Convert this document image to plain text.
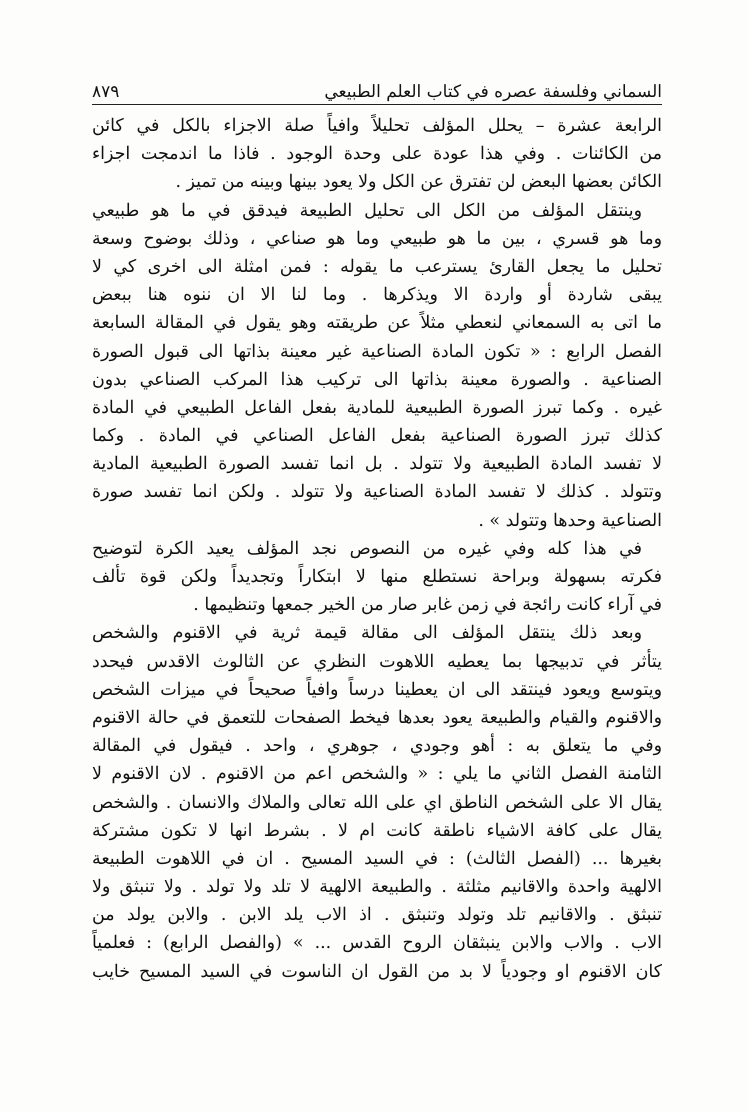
السماني وفلسفة عصره في كتاب العلم الطبيعي
٨٧٩
الرابعة عشرة – يحلل المؤلف تحليلاً وافياً صلة الاجزاء بالكل في كائن
من الكائنات . وفي هذا عودة على وحدة الوجود . فاذا ما اندمجت اجزاء
الكائن بعضها البعض لن تفترق عن الكل ولا يعود بينها وبينه من تميز .
وينتقل المؤلف من الكل الى تحليل الطبيعة فيدقق في ما هو طبيعي
وما هو قسري ، بين ما هو طبيعي وما هو صناعي ، وذلك بوضوح وسعة
تحليل ما يجعل القارئ يسترعب ما يقوله : فمن امثلة الى اخرى كي لا
يبقى شاردة أو واردة الا ويذكرها . وما لنا الا ان ننوه هنا ببعض
ما اتى به السمعاني لنعطي مثلاً عن طريقته وهو يقول في المقالة السابعة
الفصل الرابع : « تكون المادة الصناعية غير معينة بذاتها الى قبول الصورة
الصناعية . والصورة معينة بذاتها الى تركيب هذا المركب الصناعي بدون
غيره . وكما تبرز الصورة الطبيعية للمادية بفعل الفاعل الطبيعي في المادة
كذلك تبرز الصورة الصناعية بفعل الفاعل الصناعي في المادة . وكما
لا تفسد المادة الطبيعية ولا تتولد . بل انما تفسد الصورة الطبيعية المادية
وتتولد . كذلك لا تفسد المادة الصناعية ولا تتولد . ولكن انما تفسد صورة
الصناعية وحدها وتتولد » .
في هذا كله وفي غيره من النصوص نجد المؤلف يعيد الكرة لتوضيح
فكرته بسهولة وبراحة نستطلع منها لا ابتكاراً وتجديداً ولكن قوة تألف
في آراء كانت رائجة في زمن غابر صار من الخير جمعها وتنظيمها .
وبعد ذلك ينتقل المؤلف الى مقالة قيمة ثرية في الاقنوم والشخص
يتأثر في تدبيجها بما يعطيه اللاهوت النظري عن الثالوث الاقدس فيحدد
ويتوسع ويعود فينتقد الى ان يعطينا درساً وافياً صحيحاً في ميزات الشخص
والاقنوم والقيام والطبيعة يعود بعدها فيخط الصفحات للتعمق في حالة الاقنوم
وفي ما يتعلق به : أهو وجودي ، جوهري ، واحد . فيقول في المقالة
الثامنة الفصل الثاني ما يلي : « والشخص اعم من الاقنوم . لان الاقنوم لا
يقال الا على الشخص الناطق اي على الله تعالى والملاك والانسان . والشخص
يقال على كافة الاشياء ناطقة كانت ام لا . بشرط انها لا تكون مشتركة
بغيرها ... (الفصل الثالث) : في السيد المسيح . ان في اللاهوت الطبيعة
الالهية واحدة والاقانيم مثلثة . والطبيعة الالهية لا تلد ولا تولد . ولا تنبثق ولا
تنبثق . والاقانيم تلد وتولد وتنبثق . اذ الاب يلد الابن . والابن يولد من
الاب . والاب والابن ينبثقان الروح القدس ... » (والفصل الرابع) : فعلمياً
كان الاقنوم او وجودياً لا بد من القول ان الناسوت في السيد المسيح خايب
